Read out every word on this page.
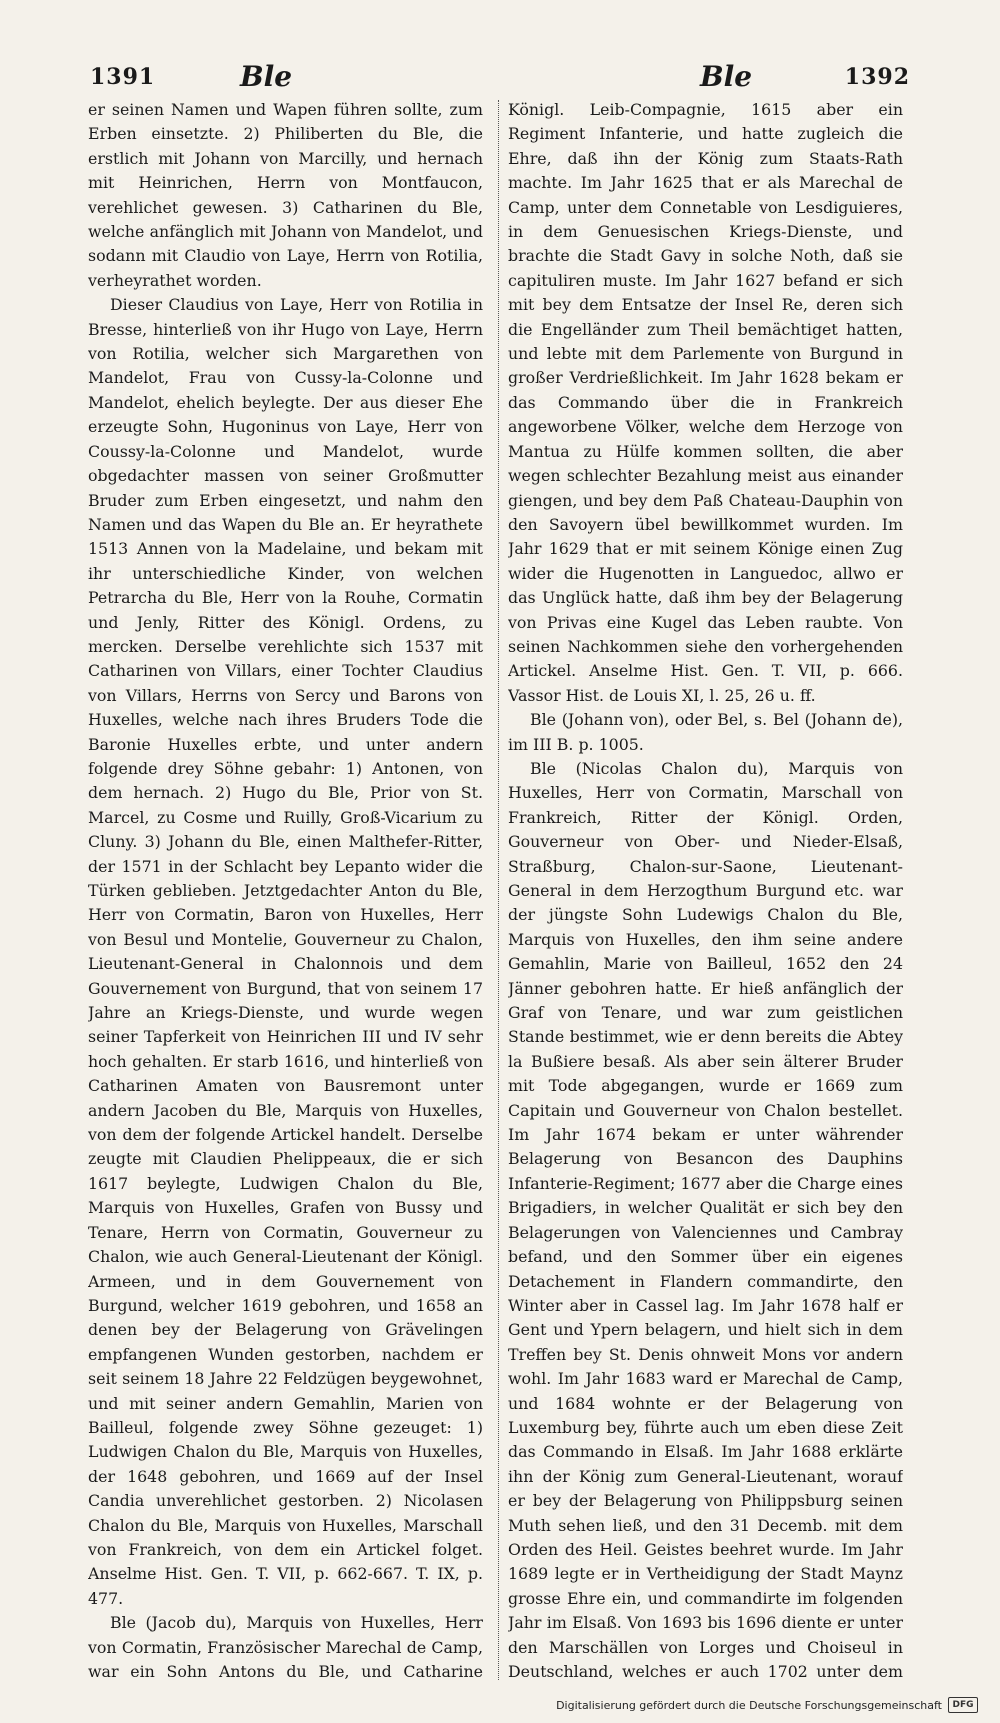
1391	Ble	Ble	1392

er seinen Namen und Wapen führen sollte, zum Erben einsetzte. 2) Philiberten du Ble, die erstlich mit Johann von Marcilly, und hernach mit Heinrichen, Herrn von Montfaucon, verehlichet gewesen. 3) Catharinen du Ble, welche anfänglich mit Johann von Mandelot, und sodann mit Claudio von Laye, Herrn von Rotilia, verheyrathet worden.

Dieser Claudius von Laye, Herr von Rotilia in Bresse, hinterließ von ihr Hugo von Laye, Herrn von Rotilia, welcher sich Margarethen von Mandelot, Frau von Cussy-la-Colonne und Mandelot, ehelich beylegte. Der aus dieser Ehe erzeugte Sohn, Hugoninus von Laye, Herr von Coussy-la-Colonne und Mandelot, wurde obgedachter massen von seiner Großmutter Bruder zum Erben eingesetzt, und nahm den Namen und das Wapen du Ble an. Er heyrathete 1513 Annen von la Madelaine, und bekam mit ihr unterschiedliche Kinder, von welchen Petrarcha du Ble, Herr von la Rouhe, Cormatin und Jenly, Ritter des Königl. Ordens, zu mercken. Derselbe verehlichte sich 1537 mit Catharinen von Villars, einer Tochter Claudius von Villars, Herrns von Sercy und Barons von Huxelles, welche nach ihres Bruders Tode die Baronie Huxelles erbte, und unter andern folgende drey Söhne gebahr: 1) Antonen, von dem hernach. 2) Hugo du Ble, Prior von St. Marcel, zu Cosme und Ruilly, Groß-Vicarium zu Cluny. 3) Johann du Ble, einen Malthefer-Ritter, der 1571 in der Schlacht bey Lepanto wider die Türken geblieben. Jetztgedachter Anton du Ble, Herr von Cormatin, Baron von Huxelles, Herr von Besul und Montelie, Gouverneur zu Chalon, Lieutenant-General in Chalonnois und dem Gouvernement von Burgund, that von seinem 17 Jahre an Kriegs-Dienste, und wurde wegen seiner Tapferkeit von Heinrichen III und IV sehr hoch gehalten. Er starb 1616, und hinterließ von Catharinen Amaten von Bausremont unter andern Jacoben du Ble, Marquis von Huxelles, von dem der folgende Artickel handelt. Derselbe zeugte mit Claudien Phelippeaux, die er sich 1617 beylegte, Ludwigen Chalon du Ble, Marquis von Huxelles, Grafen von Bussy und Tenare, Herrn von Cormatin, Gouverneur zu Chalon, wie auch General-Lieutenant der Königl. Armeen, und in dem Gouvernement von Burgund, welcher 1619 gebohren, und 1658 an denen bey der Belagerung von Grävelingen empfangenen Wunden gestorben, nachdem er seit seinem 18 Jahre 22 Feldzügen beygewohnet, und mit seiner andern Gemahlin, Marien von Bailleul, folgende zwey Söhne gezeuget: 1) Ludwigen Chalon du Ble, Marquis von Huxelles, der 1648 gebohren, und 1669 auf der Insel Candia unverehlichet gestorben. 2) Nicolasen Chalon du Ble, Marquis von Huxelles, Marschall von Frankreich, von dem ein Artickel folget. Anselme Hist. Gen. T. VII, p. 662-667. T. IX, p. 477.

Ble (Jacob du), Marquis von Huxelles, Herr von Cormatin, Französischer Marechal de Camp, war ein Sohn Antons du Ble, und Catharine

Königl. Leib-Compagnie, 1615 aber ein Regiment Infanterie, und hatte zugleich die Ehre, daß ihn der König zum Staats-Rath machte. Im Jahr 1625 that er als Marechal de Camp, unter dem Connetable von Lesdiguieres, in dem Genuesischen Kriegs-Dienste, und brachte die Stadt Gavy in solche Noth, daß sie capituliren muste. Im Jahr 1627 befand er sich mit bey dem Entsatze der Insel Re, deren sich die Engelländer zum Theil bemächtiget hatten, und lebte mit dem Parlemente von Burgund in großer Verdrießlichkeit. Im Jahr 1628 bekam er das Commando über die in Frankreich angeworbene Völker, welche dem Herzoge von Mantua zu Hülfe kommen sollten, die aber wegen schlechter Bezahlung meist aus einander giengen, und bey dem Paß Chateau-Dauphin von den Savoyern übel bewillkommet wurden. Im Jahr 1629 that er mit seinem Könige einen Zug wider die Hugenotten in Languedoc, allwo er das Unglück hatte, daß ihm bey der Belagerung von Privas eine Kugel das Leben raubte. Von seinen Nachkommen siehe den vorhergehenden Artickel. Anselme Hist. Gen. T. VII, p. 666. Vassor Hist. de Louis XI, l. 25, 26 u. ff.

Ble (Johann von), oder Bel, s. Bel (Johann de), im III B. p. 1005.

Ble (Nicolas Chalon du), Marquis von Huxelles, Herr von Cormatin, Marschall von Frankreich, Ritter der Königl. Orden, Gouverneur von Ober- und Nieder-Elsaß, Straßburg, Chalon-sur-Saone, Lieutenant-General in dem Herzogthum Burgund etc. war der jüngste Sohn Ludewigs Chalon du Ble, Marquis von Huxelles, den ihm seine andere Gemahlin, Marie von Bailleul, 1652 den 24 Jänner gebohren hatte. Er hieß anfänglich der Graf von Tenare, und war zum geistlichen Stande bestimmet, wie er denn bereits die Abtey la Bußiere besaß. Als aber sein älterer Bruder mit Tode abgegangen, wurde er 1669 zum Capitain und Gouverneur von Chalon bestellet. Im Jahr 1674 bekam er unter währender Belagerung von Besancon des Dauphins Infanterie-Regiment; 1677 aber die Charge eines Brigadiers, in welcher Qualität er sich bey den Belagerungen von Valenciennes und Cambray befand, und den Sommer über ein eigenes Detachement in Flandern commandirte, den Winter aber in Cassel lag. Im Jahr 1678 half er Gent und Ypern belagern, und hielt sich in dem Treffen bey St. Denis ohnweit Mons vor andern wohl. Im Jahr 1683 ward er Marechal de Camp, und 1684 wohnte er der Belagerung von Luxemburg bey, führte auch um eben diese Zeit das Commando in Elsaß. Im Jahr 1688 erklärte ihn der König zum General-Lieutenant, worauf er bey der Belagerung von Philippsburg seinen Muth sehen ließ, und den 31 Decemb. mit dem Orden des Heil. Geistes beehret wurde. Im Jahr 1689 legte er in Vertheidigung der Stadt Maynz grosse Ehre ein, und commandirte im folgenden Jahr im Elsaß. Von 1693 bis 1696 diente er unter den Marschällen von Lorges und Choiseul in Deutschland, welches er auch 1702 unter dem

Digitalisierung gefördert durch die Deutsche Forschungsgemeinschaft	DFG
